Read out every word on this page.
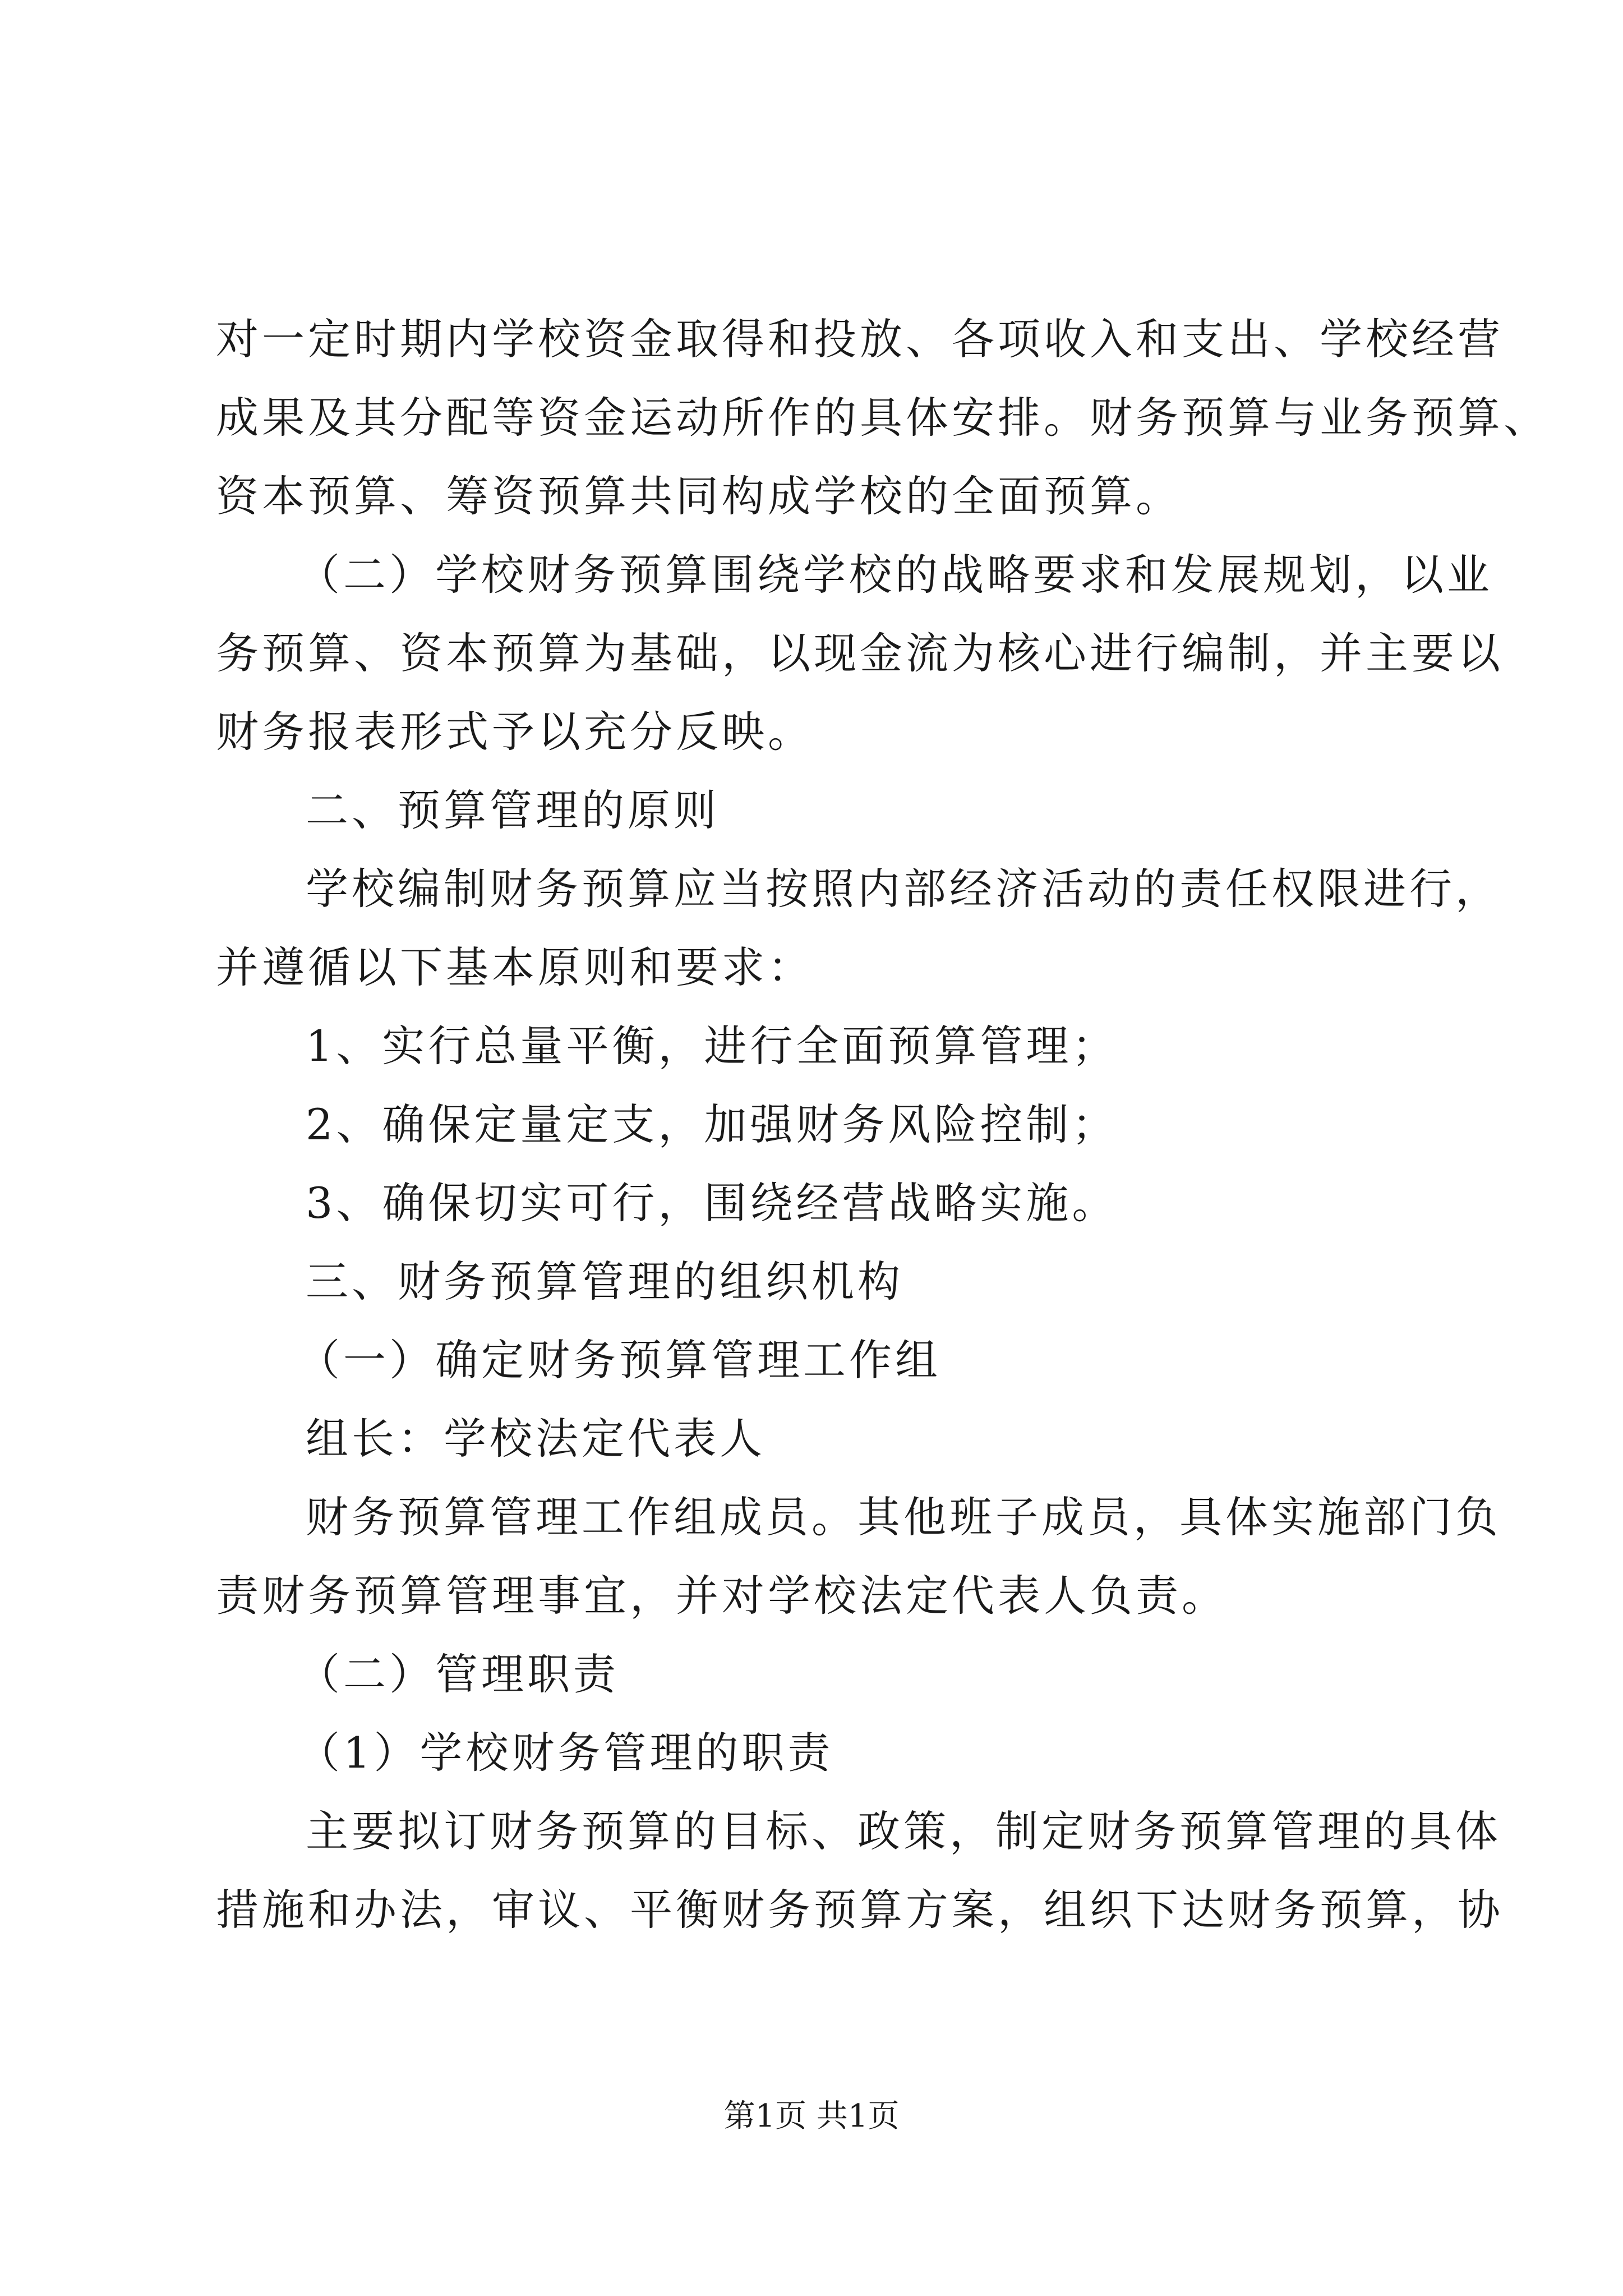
对一定时期内学校资金取得和投放、各项收入和支出、学校经营
成果及其分配等资金运动所作的具体安排。财务预算与业务预算、
资本预算、筹资预算共同构成学校的全面预算。
（二）学校财务预算围绕学校的战略要求和发展规划，以业
务预算、资本预算为基础，以现金流为核心进行编制，并主要以
财务报表形式予以充分反映。
二、预算管理的原则
学校编制财务预算应当按照内部经济活动的责任权限进行，
并遵循以下基本原则和要求：
1、实行总量平衡，进行全面预算管理；
2、确保定量定支，加强财务风险控制；
3、确保切实可行，围绕经营战略实施。
三、财务预算管理的组织机构
（一）确定财务预算管理工作组
组长：学校法定代表人
财务预算管理工作组成员。其他班子成员，具体实施部门负
责财务预算管理事宜，并对学校法定代表人负责。
（二）管理职责
（1）学校财务管理的职责
主要拟订财务预算的目标、政策，制定财务预算管理的具体
措施和办法，审议、平衡财务预算方案，组织下达财务预算，协
第1页 共1页
